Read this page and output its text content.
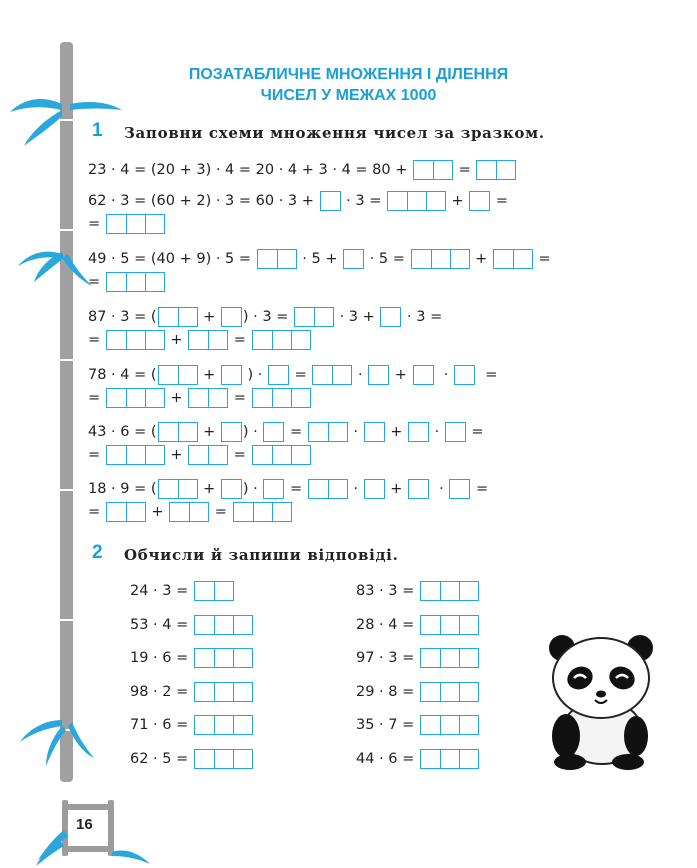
ПОЗАТАБЛИЧНЕ МНОЖЕННЯ І ДІЛЕННЯ
ЧИСЕЛ У МЕЖАХ 1000
1 Заповни схеми множення чисел за зразком.
23 · 4 = (20 + 3) · 4 = 20 · 4 + 3 · 4 = 80 +	=
62 · 3 = (60 + 2) · 3 = 60 · 3 + · 3 =	+ =
=
49 · 5 = (40 + 9) · 5 =	· 5 + · 5 =	+	=
=
87 · 3 = (	+ ) · 3 =	· 3 + · 3 =
=	+	=
78 · 4 = (	+ ) · =	· + · =
=	+	=
43 · 6 = (	+ ) · =	· + · =
=	+	=
18 · 9 = (	+ ) · =	· + · =
=	+	=
2 Обчисли й запиши відповіді.
24 · 3 =
53 · 4 =
19 · 6 =
98 · 2 =
71 · 6 =
62 · 5 =
83 · 3 =
28 · 4 =
97 · 3 =
29 · 8 =
35 · 7 =
44 · 6 =
16
